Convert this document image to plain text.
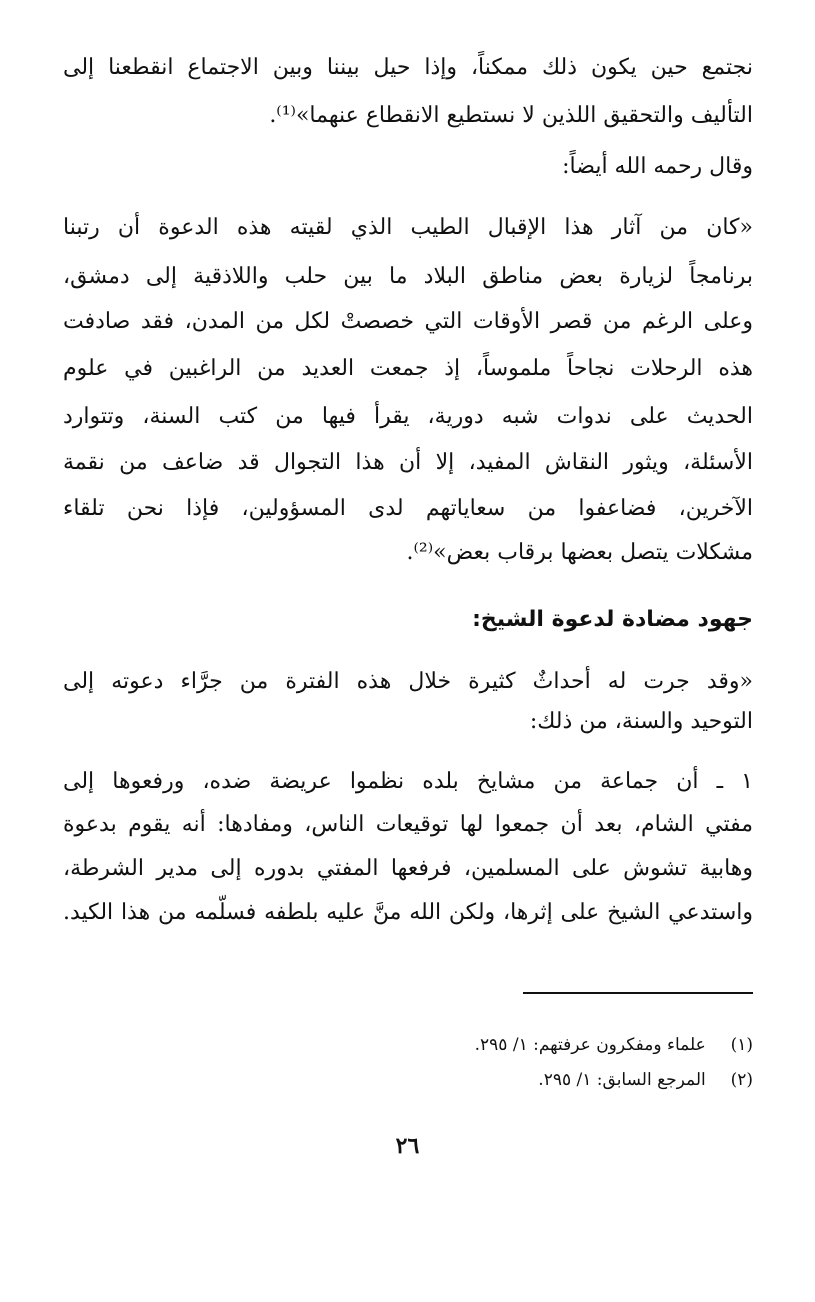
نجتمع حين يكون ذلك ممكناً، وإذا حيل بيننا وبين الاجتماع انقطعنا إلى
التأليف والتحقيق اللذين لا نستطيع الانقطاع عنهما»⁽¹⁾.
وقال رحمه الله أيضاً:
«كان من آثار هذا الإقبال الطيب الذي لقيته هذه الدعوة أن رتبنا
برنامجاً لزيارة بعض مناطق البلاد ما بين حلب واللاذقية إلى دمشق،
وعلى الرغم من قصر الأوقات التي خصصتْ لكل من المدن، فقد صادفت
هذه الرحلات نجاحاً ملموساً، إذ جمعت العديد من الراغبين في علوم
الحديث على ندوات شبه دورية، يقرأ فيها من كتب السنة، وتتوارد
الأسئلة، ويثور النقاش المفيد، إلا أن هذا التجوال قد ضاعف من نقمة
الآخرين، فضاعفوا من سعاياتهم لدى المسؤولين، فإذا نحن تلقاء
مشكلات يتصل بعضها برقاب بعض»⁽²⁾.
جهود مضادة لدعوة الشيخ:
«وقد جرت له أحداثٌ كثيرة خلال هذه الفترة من جرَّاء دعوته إلى
التوحيد والسنة، من ذلك:
١ ـ أن جماعة من مشايخ بلده نظموا عريضة ضده، ورفعوها إلى
مفتي الشام، بعد أن جمعوا لها توقيعات الناس، ومفادها: أنه يقوم بدعوة
وهابية تشوش على المسلمين، فرفعها المفتي بدوره إلى مدير الشرطة،
واستدعي الشيخ على إثرها، ولكن الله منَّ عليه بلطفه فسلّمه من هذا الكيد.
(١)  علماء ومفكرون عرفتهم: ١/ ٢٩٥.
(٢)  المرجع السابق: ١/ ٢٩٥.
٢٦
